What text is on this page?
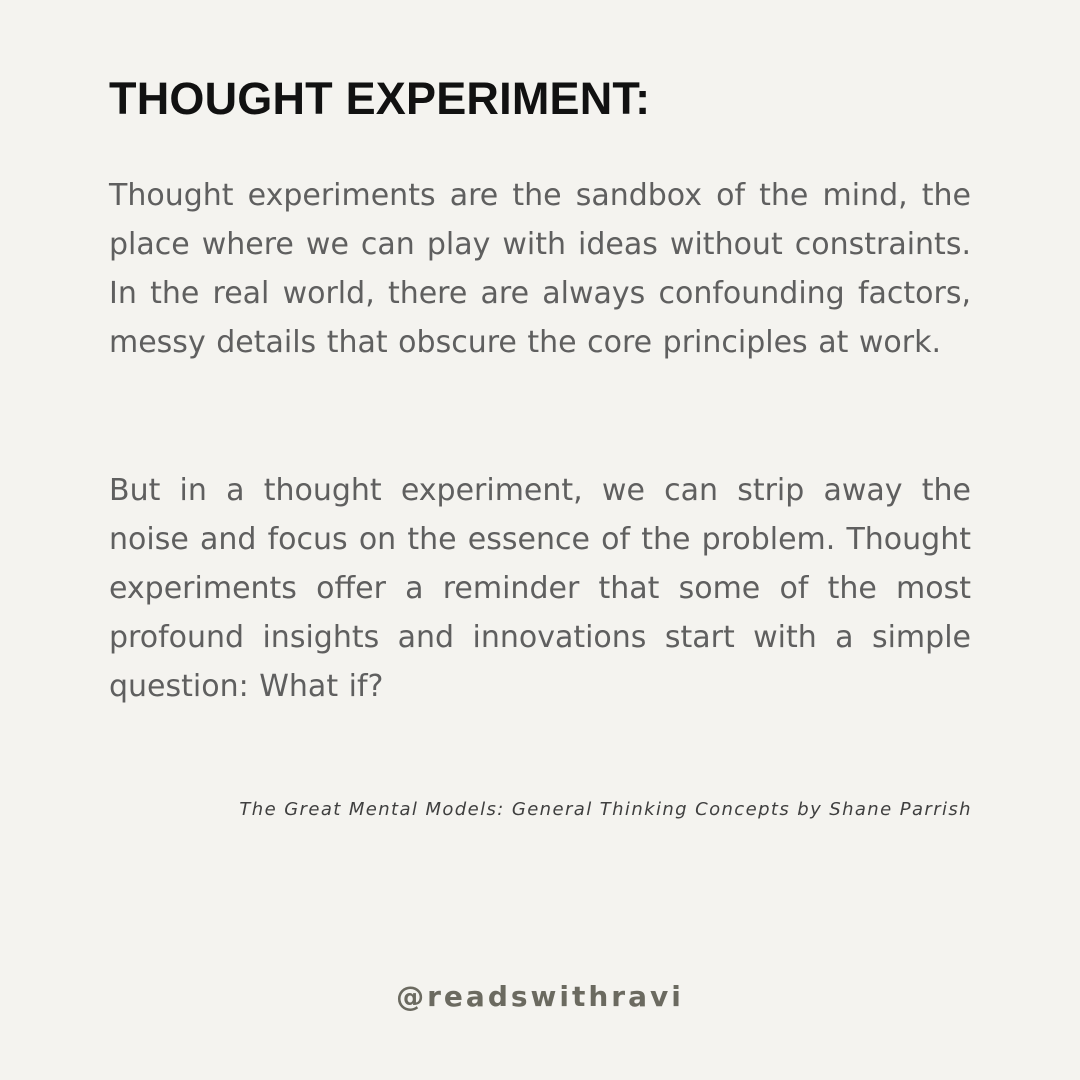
THOUGHT EXPERIMENT:

Thought experiments are the sandbox of the mind, the place where we can play with ideas without constraints. In the real world, there are always confounding factors, messy details that obscure the core principles at work.

But in a thought experiment, we can strip away the noise and focus on the essence of the problem. Thought experiments offer a reminder that some of the most profound insights and innovations start with a simple question: What if?

The Great Mental Models: General Thinking Concepts by Shane Parrish

@readswithravi
